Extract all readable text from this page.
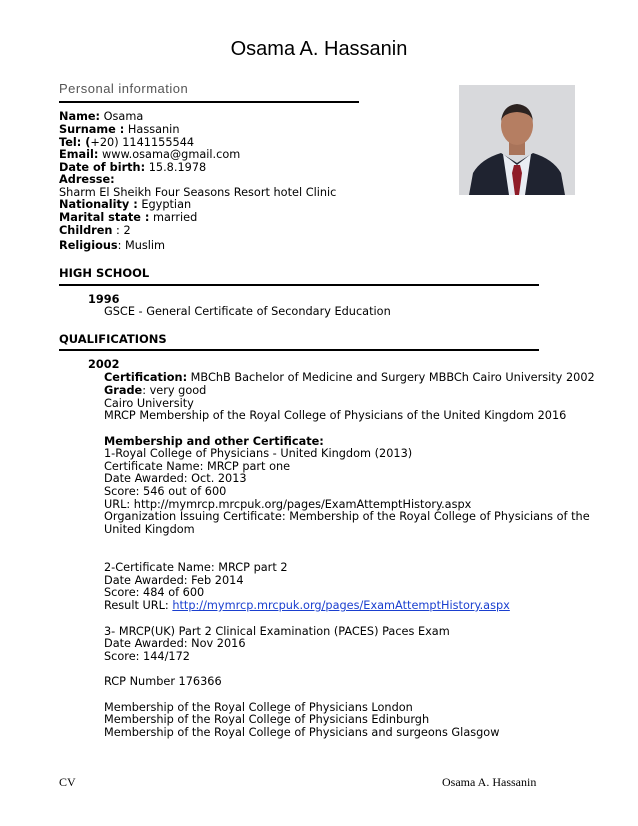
Osama A. Hassanin
Personal information
Name: Osama
Surname : Hassanin
Tel: (+20) 1141155544
Email: www.osama@gmail.com
Date of birth: 15.8.1978
Adresse:
Sharm El Sheikh Four Seasons Resort hotel Clinic
Nationality : Egyptian
Marital state : married
Children : 2
Religious: Muslim
HIGH SCHOOL
1996
GSCE - General Certificate of Secondary Education
QUALIFICATIONS
2002
Certification: MBChB Bachelor of Medicine and Surgery MBBCh Cairo University 2002
Grade: very good
Cairo University
MRCP Membership of the Royal College of Physicians of the United Kingdom 2016
Membership and other Certificate:
1-Royal College of Physicians - United Kingdom (2013)
Certificate Name: MRCP part one
Date Awarded: Oct. 2013
Score: 546 out of 600
URL: http://mymrcp.mrcpuk.org/pages/ExamAttemptHistory.aspx
Organization Issuing Certificate: Membership of the Royal College of Physicians of the
United Kingdom
2-Certificate Name: MRCP part 2
Date Awarded: Feb 2014
Score: 484 of 600
Result URL: http://mymrcp.mrcpuk.org/pages/ExamAttemptHistory.aspx
3- MRCP(UK) Part 2 Clinical Examination (PACES) Paces Exam
Date Awarded: Nov 2016
Score: 144/172
RCP Number 176366
Membership of the Royal College of Physicians London
Membership of the Royal College of Physicians Edinburgh
Membership of the Royal College of Physicians and surgeons Glasgow
CV	Osama A. Hassanin
